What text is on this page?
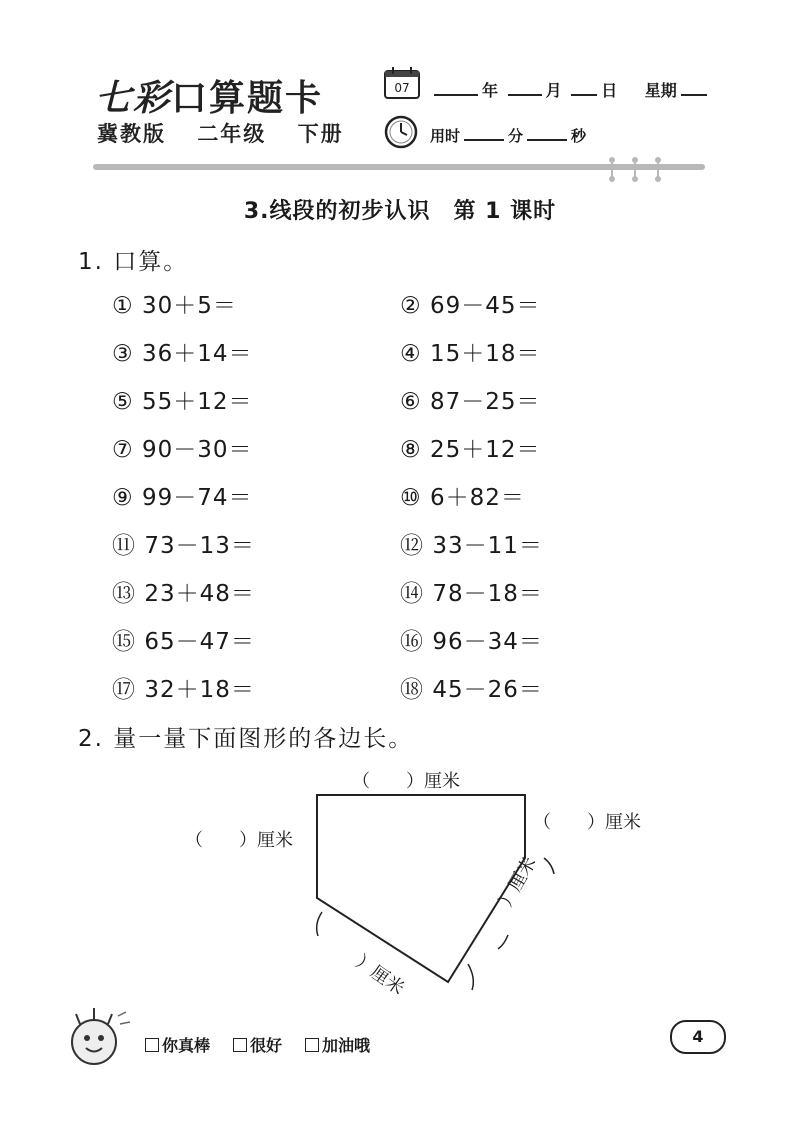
七彩口算题卡
冀教版 二年级 下册
07	年	月 日 星期
用时	分	秒
3.线段的初步认识　第 1 课时
1. 口算。
① 30＋5＝	② 69－45＝
③ 36＋14＝	④ 15＋18＝
⑤ 55＋12＝	⑥ 87－25＝
⑦ 90－30＝	⑧ 25＋12＝
⑨ 99－74＝	⑩ 6＋82＝
⑪ 73－13＝	⑫ 33－11＝
⑬ 23＋48＝	⑭ 78－18＝
⑮ 65－47＝	⑯ 96－34＝
⑰ 32＋18＝	⑱ 45－26＝
2. 量一量下面图形的各边长。
（　　）厘米
（　　）厘米
（　　）厘米
）厘米
）厘米
你真棒	很好	加油哦	4
